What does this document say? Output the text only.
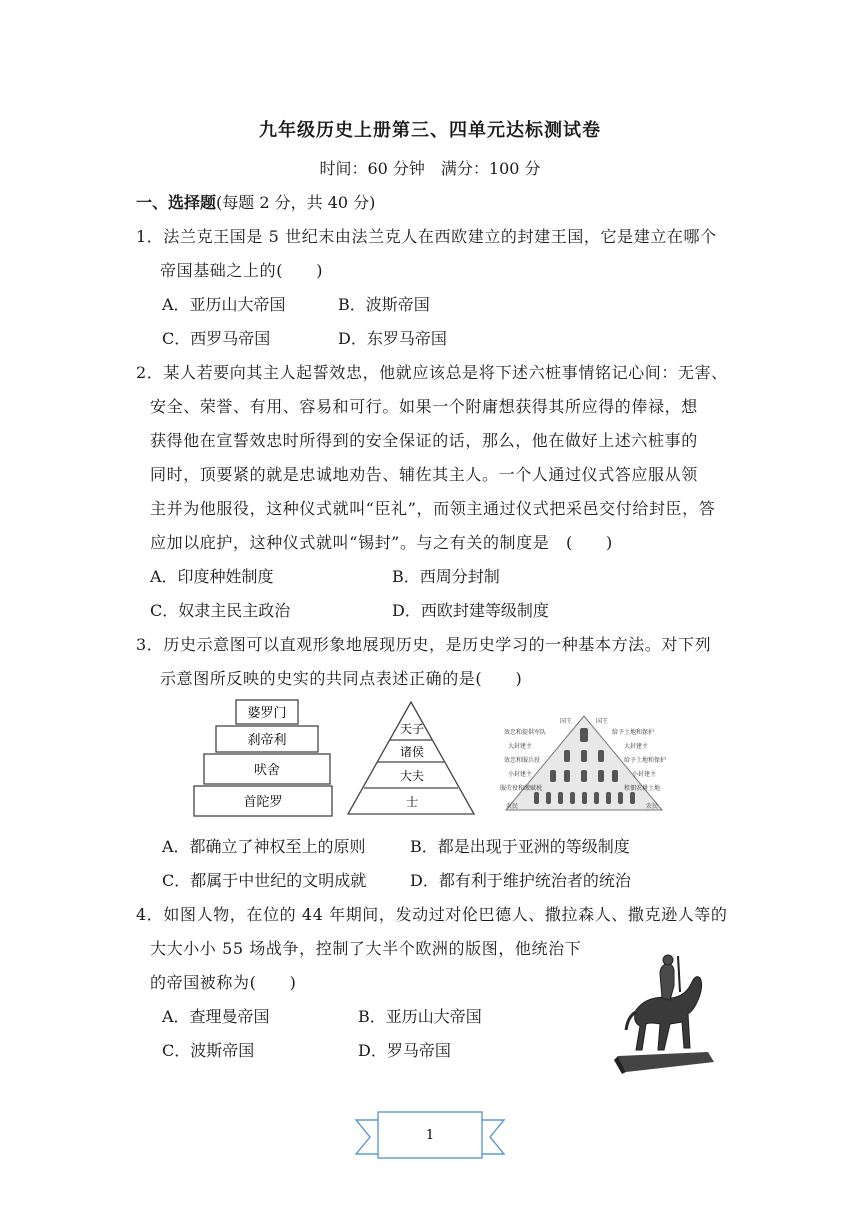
九年级历史上册第三、四单元达标测试卷
时间：60 分钟　满分：100 分
一、选择题(每题 2 分，共 40 分)
1．法兰克王国是 5 世纪末由法兰克人在西欧建立的封建王国，它是建立在哪个
帝国基础之上的(　　)
A．亚历山大帝国	B．波斯帝国
C．西罗马帝国	D．东罗马帝国
2．某人若要向其主人起誓效忠，他就应该总是将下述六桩事情铭记心间：无害、
安全、荣誉、有用、容易和可行。如果一个附庸想获得其所应得的俸禄，想
获得他在宣誓效忠时所得到的安全保证的话，那么，他在做好上述六桩事的
同时，顶要紧的就是忠诚地劝告、辅佐其主人。一个人通过仪式答应服从领
主并为他服役，这种仪式就叫“臣礼”，而领主通过仪式把采邑交付给封臣，答
应加以庇护，这种仪式就叫“锡封”。与之有关的制度是　(　　)
A．印度种姓制度	B．西周分封制
C．奴隶主民主政治	D．西欧封建等级制度
3．历史示意图可以直观形象地展现历史，是历史学习的一种基本方法。对下列
示意图所反映的史实的共同点表述正确的是(　　)
婆罗门
刹帝利
吠舍
首陀罗
天子
诸侯
大夫
士
国王
效忠和提供军队
大封建主
效忠和服兵役
小封建主
服劳役和缴赋税
农民
国王
给予土地和保护
大封建主
给予土地和保护
小封建主
租佃农耕土地
农民
A．都确立了神权至上的原则	B．都是出现于亚洲的等级制度
C．都属于中世纪的文明成就	D．都有利于维护统治者的统治
4．如图人物，在位的 44 年期间，发动过对伦巴德人、撒拉森人、撒克逊人等的
大大小小 55 场战争，控制了大半个欧洲的版图，他统治下
的帝国被称为(　　)
A．查理曼帝国	B．亚历山大帝国
C．波斯帝国	D．罗马帝国
1
